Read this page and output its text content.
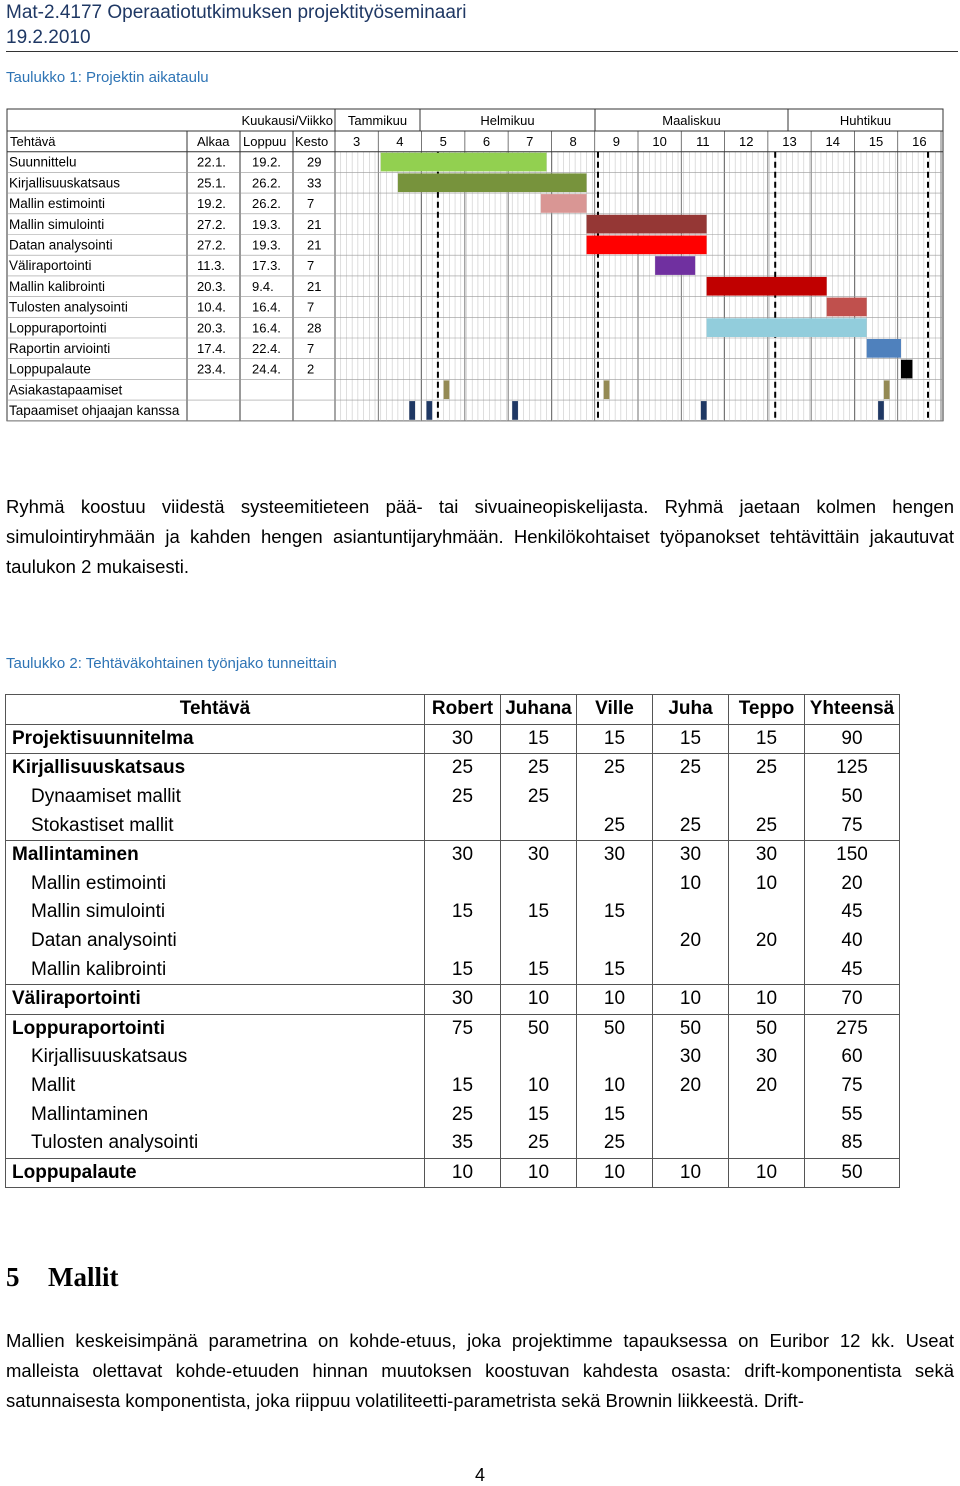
Mat-2.4177 Operaatiotutkimuksen projektityöseminaari
19.2.2010
Taulukko 1: Projektin aikataulu
Tammikuu	Helmikuu	Maaliskuu	Huhtikuu
Kuukausi/Viikko
Tehtävä	Alkaa Loppuu Kesto 3	4	5	6	7	8	9 10 11 12 13 14 15 16
Suunnittelu	22.1. 19.2. 29
Kirjallisuuskatsaus	25.1. 26.2. 33
Mallin estimointi	19.2. 26.2. 7
Mallin simulointi	27.2. 19.3. 21
Datan analysointi	27.2. 19.3. 21
Väliraportointi	11.3. 17.3. 7
Mallin kalibrointi	20.3. 9.4.	21
Tulosten analysointi	10.4. 16.4. 7
Loppuraportointi	20.3. 16.4. 28
Raportin arviointi	17.4. 22.4. 7
Loppupalaute	23.4. 24.4. 2
Asiakastapaamiset
Tapaamiset ohjaajan kanssa
Ryhmä koostuu viidestä systeemitieteen pää- tai sivuaineopiskelijasta. Ryhmä jaetaan kolmen hengen simulointiryhmään ja kahden hengen asiantuntijaryhmään. Henkilökohtaiset työpanokset tehtävittäin jakautuvat taulukon 2 mukaisesti.
Taulukko 2: Tehtäväkohtainen työnjako tunneittain
Tehtävä	Robert	Juhana	Ville	Juha	Teppo	Yhteensä
Projektisuunnitelma	30	15	15	15	15	90
Kirjallisuuskatsaus	25	25	25	25	25	125
Dynaamiset mallit	25	25				50
Stokastiset mallit			25	25	25	75
Mallintaminen	30	30	30	30	30	150
Mallin estimointi				10	10	20
Mallin simulointi	15	15	15			45
Datan analysointi				20	20	40
Mallin kalibrointi	15	15	15			45
Väliraportointi	30	10	10	10	10	70
Loppuraportointi	75	50	50	50	50	275
Kirjallisuuskatsaus				30	30	60
Mallit	15	10	10	20	20	75
Mallintaminen	25	15	15			55
Tulosten analysointi	35	25	25			85
Loppupalaute	10	10	10	10	10	50
5 Mallit
Mallien keskeisimpänä parametrina on kohde-etuus, joka projektimme tapauksessa on Euribor 12 kk. Useat malleista olettavat kohde-etuuden hinnan muutoksen koostuvan kahdesta osasta: drift-komponentista sekä satunnaisesta komponentista, joka riippuu volatiliteetti-parametrista sekä Brownin liikkeestä. Drift-
4
